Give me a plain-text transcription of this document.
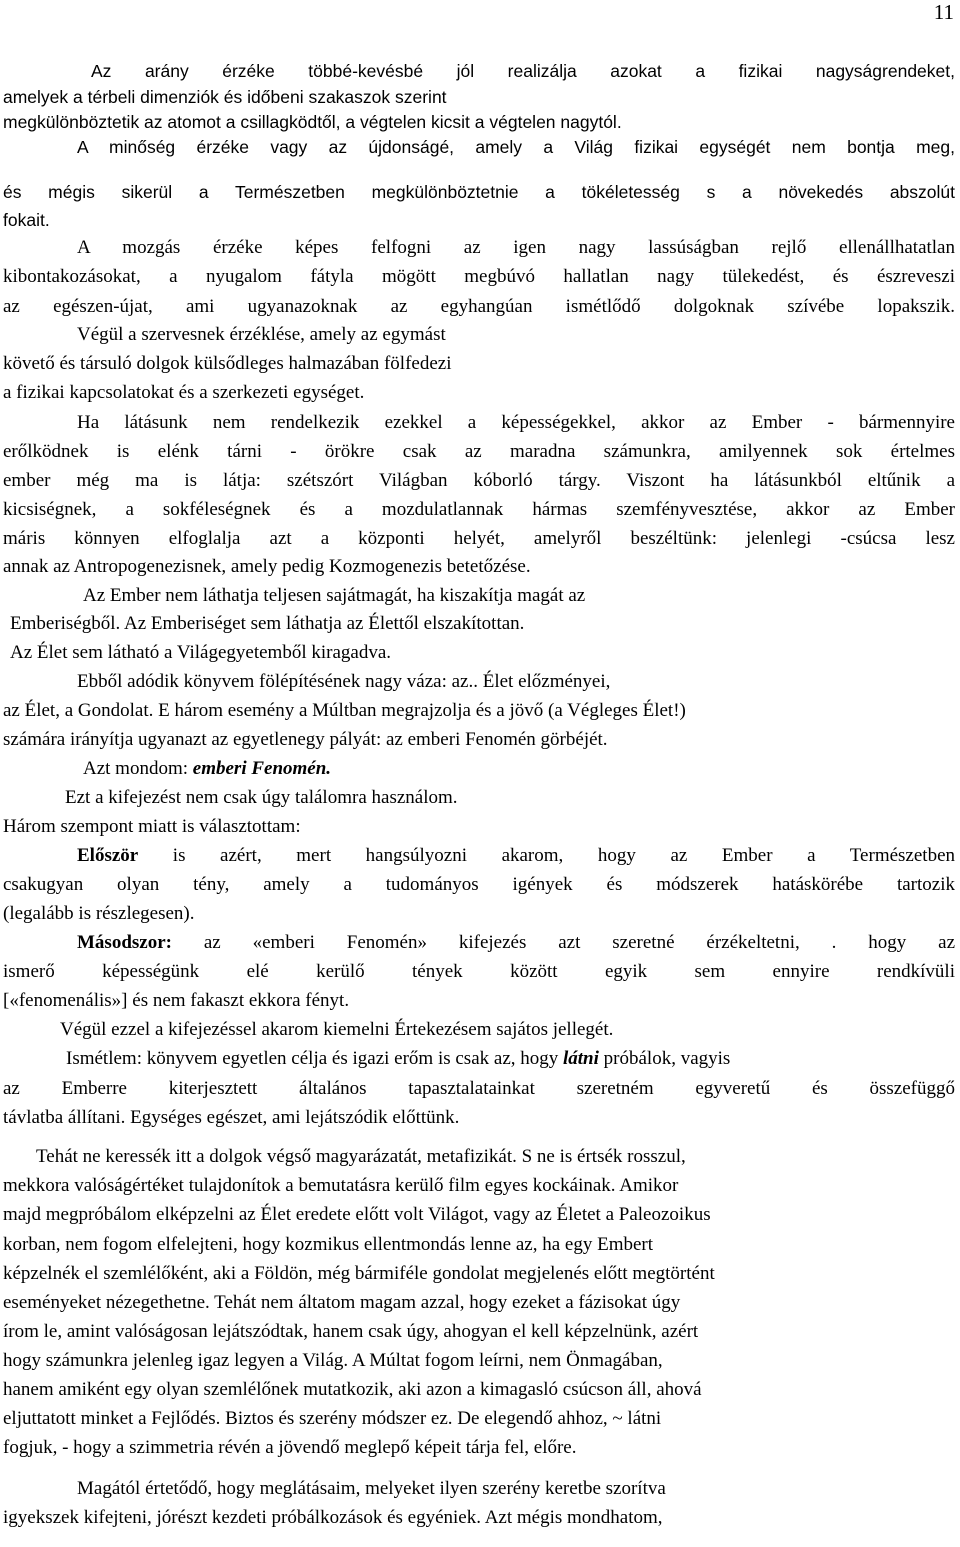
11
Az arány érzéke többé-kevésbé jól realizálja azokat a fizikai nagyságrendeket,
amelyek a térbeli dimenziók és időbeni szakaszok szerint
megkülönböztetik az atomot a csillagködtől, a végtelen kicsit a végtelen nagytól.
A minőség érzéke vagy az újdonságé, amely a Világ fizikai egységét nem bontja meg,
és mégis sikerül a Természetben megkülönböztetnie a tökéletesség s a növekedés abszolút
fokait.
A mozgás érzéke képes felfogni az igen nagy lassúságban rejlő ellenállhatatlan
kibontakozásokat, a nyugalom fátyla mögött megbúvó hallatlan nagy tülekedést, és észreveszi
az egészen-újat, ami ugyanazoknak az egyhangúan ismétlődő dolgoknak szívébe lopakszik.
Végül a szervesnek érzéklése, amely az egymást
követő és társuló dolgok külsődleges halmazában fölfedezi
a fizikai kapcsolatokat és a szerkezeti egységet.
Ha látásunk nem rendelkezik ezekkel a képességekkel, akkor az Ember - bármennyire
erőlködnek is elénk tárni - örökre csak az maradna számunkra, amilyennek sok értelmes
ember még ma is látja: szétszórt Világban kóborló tárgy. Viszont ha látásunkból eltűnik a
kicsiségnek, a sokféleségnek és a mozdulatlannak hármas szemfényvesztése, akkor az Ember
máris könnyen elfoglalja azt a központi helyét, amelyről beszéltünk: jelenlegi -csúcsa lesz
annak az Antropogenezisnek, amely pedig Kozmogenezis betetőzése.
Az Ember nem láthatja teljesen sajátmagát, ha kiszakítja magát az
Emberiségből. Az Emberiséget sem láthatja az Élettől elszakítottan.
Az Élet sem látható a Világegyetemből kiragadva.
Ebből adódik könyvem fölépítésének nagy váza: az.. Élet előzményei,
az Élet, a Gondolat. E három esemény a Múltban megrajzolja és a jövő (a Végleges Élet!)
számára irányítja ugyanazt az egyetlenegy pályát: az emberi Fenomén görbéjét.
Azt mondom: emberi Fenomén.
Ezt a kifejezést nem csak úgy találomra használom.
Három szempont miatt is választottam:
Először is azért, mert hangsúlyozni akarom, hogy az Ember a Természetben
csakugyan olyan tény, amely a tudományos igények és módszerek hatáskörébe tartozik
(legalább is részlegesen).
Másodszor: az «emberi Fenomén» kifejezés azt szeretné érzékeltetni, . hogy az
ismerő képességünk elé kerülő tények között egyik sem ennyire rendkívüli
[«fenomenális»] és nem fakaszt ekkora fényt.
Végül ezzel a kifejezéssel akarom kiemelni Értekezésem sajátos jellegét.
Ismétlem: könyvem egyetlen célja és igazi erőm is csak az, hogy látni próbálok, vagyis
az Emberre kiterjesztett általános tapasztalatainkat szeretném egyveretű és összefüggő
távlatba állítani. Egységes egészet, ami lejátszódik előttünk.
Tehát ne keressék itt a dolgok végső magyarázatát, metafizikát. S ne is értsék rosszul,
mekkora valóságértéket tulajdonítok a bemutatásra kerülő film egyes kockáinak. Amikor
majd megpróbálom elképzelni az Élet eredete előtt volt Világot, vagy az Életet a Paleozoikus
korban, nem fogom elfelejteni, hogy kozmikus ellentmondás lenne az, ha egy Embert
képzelnék el szemlélőként, aki a Földön, még bármiféle gondolat megjelenés előtt megtörtént
eseményeket nézegethetne. Tehát nem áltatom magam azzal, hogy ezeket a fázisokat úgy
írom le, amint valóságosan lejátszódtak, hanem csak úgy, ahogyan el kell képzelnünk, azért
hogy számunkra jelenleg igaz legyen a Világ. A Múltat fogom leírni, nem Önmagában,
hanem amiként egy olyan szemlélőnek mutatkozik, aki azon a kimagasló csúcson áll, ahová
eljuttatott minket a Fejlődés. Biztos és szerény módszer ez. De elegendő ahhoz, ~ látni
fogjuk, - hogy a szimmetria révén a jövendő meglepő képeit tárja fel, előre.
Magától értetődő, hogy meglátásaim, melyeket ilyen szerény keretbe szorítva
igyekszek kifejteni, jórészt kezdeti próbálkozások és egyéniek. Azt mégis mondhatom,
